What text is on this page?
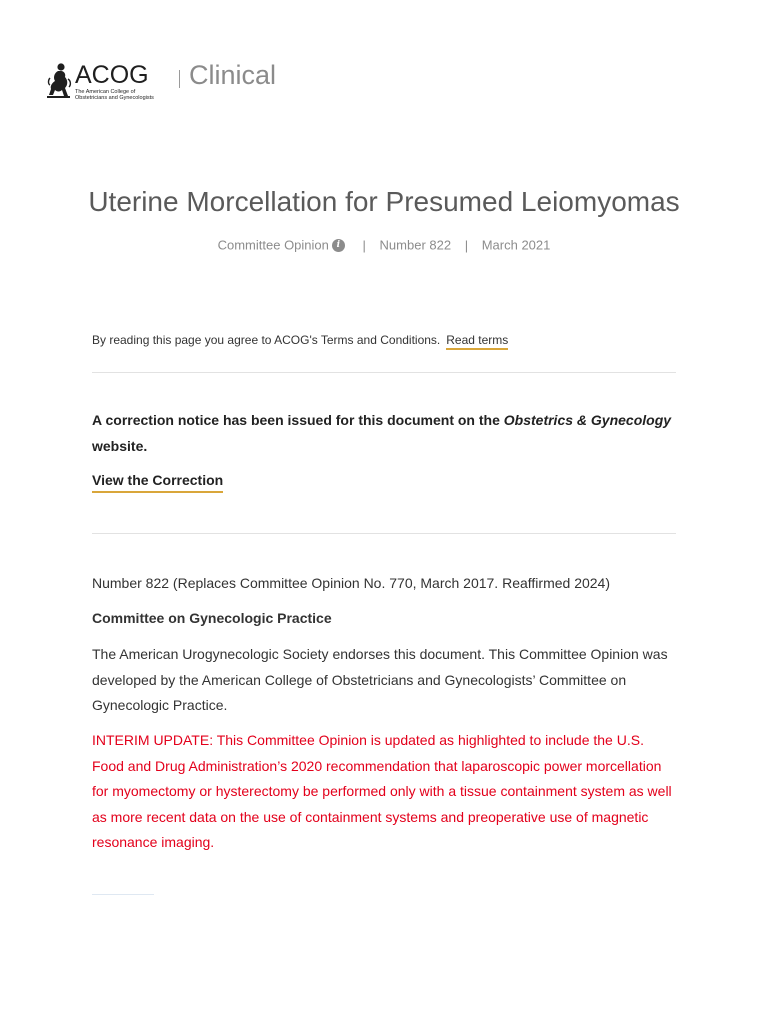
ACOG
The American College of Obstetricians and Gynecologists
Clinical
Uterine Morcellation for Presumed Leiomyomas
Committee Opinion i | Number 822 | March 2021
By reading this page you agree to ACOG's Terms and Conditions. Read terms

A correction notice has been issued for this document on the Obstetrics & Gynecology website.

View the Correction

Number 822 (Replaces Committee Opinion No. 770, March 2017. Reaffirmed 2024)

Committee on Gynecologic Practice

The American Urogynecologic Society endorses this document. This Committee Opinion was developed by the American College of Obstetricians and Gynecologists’ Committee on Gynecologic Practice.

INTERIM UPDATE: This Committee Opinion is updated as highlighted to include the U.S. Food and Drug Administration’s 2020 recommendation that laparoscopic power morcellation for myomectomy or hysterectomy be performed only with a tissue containment system as well as more recent data on the use of containment systems and preoperative use of magnetic resonance imaging.
